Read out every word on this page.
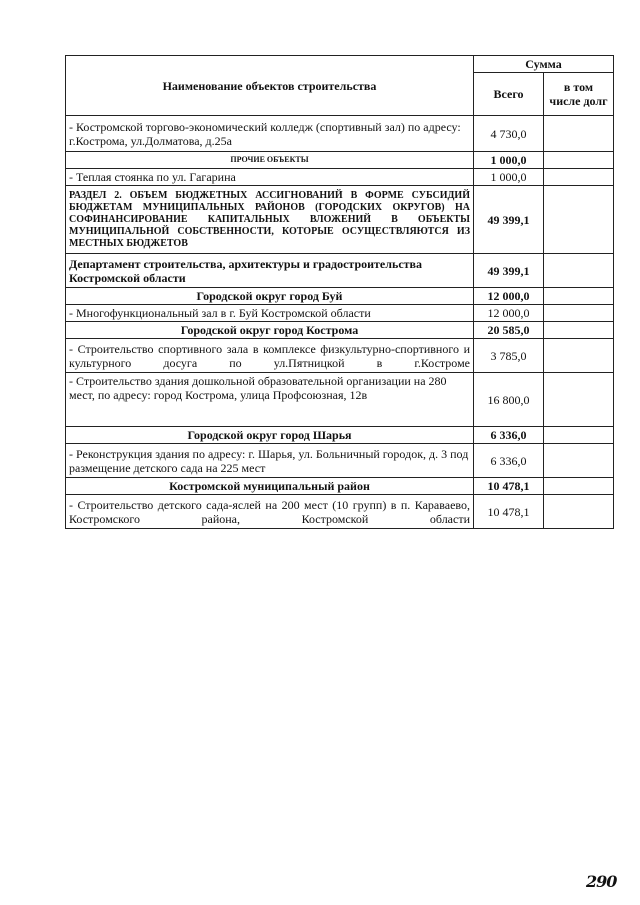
Наименование объектов строительства	Сумма	
	Всего	в том числе долг
- Костромской торгово-экономический колледж (спортивный зал) по адресу: г.Кострома, ул.Долматова, д.25а	4 730,0	
ПРОЧИЕ ОБЪЕКТЫ	1 000,0	
- Теплая стоянка по ул. Гагарина	1 000,0	
РАЗДЕЛ 2. ОБЪЕМ БЮДЖЕТНЫХ АССИГНОВАНИЙ В ФОРМЕ СУБСИДИЙ БЮДЖЕТАМ МУНИЦИПАЛЬНЫХ РАЙОНОВ (ГОРОДСКИХ ОКРУГОВ) НА СОФИНАНСИРОВАНИЕ КАПИТАЛЬНЫХ ВЛОЖЕНИЙ В ОБЪЕКТЫ МУНИЦИПАЛЬНОЙ СОБСТВЕННОСТИ, КОТОРЫЕ ОСУЩЕСТВЛЯЮТСЯ ИЗ МЕСТНЫХ БЮДЖЕТОВ	49 399,1	
Департамент строительства, архитектуры и градостроительства Костромской области	49 399,1	
Городской округ город Буй	12 000,0	
- Многофункциональный зал в г. Буй Костромской области	12 000,0	
Городской округ город Кострома	20 585,0	
- Строительство спортивного зала в комплексе физкультурно-спортивного и культурного досуга по ул.Пятницкой в г.Костроме	3 785,0	
- Строительство здания дошкольной образовательной организации на 280 мест, по адресу: город Кострома, улица Профсоюзная, 12в	16 800,0	
Городской округ город Шарья	6 336,0	
- Реконструкция здания по адресу: г. Шарья, ул. Больничный городок, д. 3 под размещение детского сада на 225 мест	6 336,0	
Костромской муниципальный район	10 478,1	
- Строительство детского сада-яслей на 200 мест (10 групп) в п. Караваево, Костромского района, Костромской области	10 478,1	
290
